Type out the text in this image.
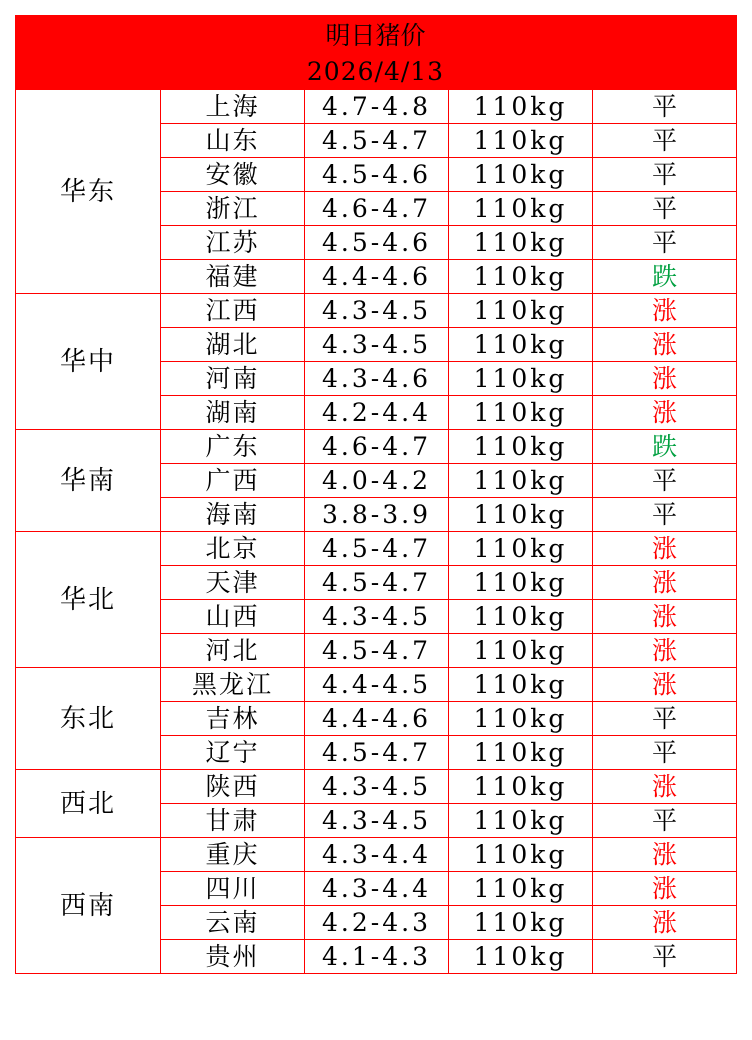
明日猪价
2026/4/13
华东	上海	4.7-4.8	110kg	平
	山东	4.5-4.7	110kg	平
	安徽	4.5-4.6	110kg	平
	浙江	4.6-4.7	110kg	平
	江苏	4.5-4.6	110kg	平
	福建	4.4-4.6	110kg	跌
华中	江西	4.3-4.5	110kg	涨
	湖北	4.3-4.5	110kg	涨
	河南	4.3-4.6	110kg	涨
	湖南	4.2-4.4	110kg	涨
华南	广东	4.6-4.7	110kg	跌
	广西	4.0-4.2	110kg	平
	海南	3.8-3.9	110kg	平
华北	北京	4.5-4.7	110kg	涨
	天津	4.5-4.7	110kg	涨
	山西	4.3-4.5	110kg	涨
	河北	4.5-4.7	110kg	涨
东北	黑龙江	4.4-4.5	110kg	涨
	吉林	4.4-4.6	110kg	平
	辽宁	4.5-4.7	110kg	平
西北	陕西	4.3-4.5	110kg	涨
	甘肃	4.3-4.5	110kg	平
西南	重庆	4.3-4.4	110kg	涨
	四川	4.3-4.4	110kg	涨
	云南	4.2-4.3	110kg	涨
	贵州	4.1-4.3	110kg	平
